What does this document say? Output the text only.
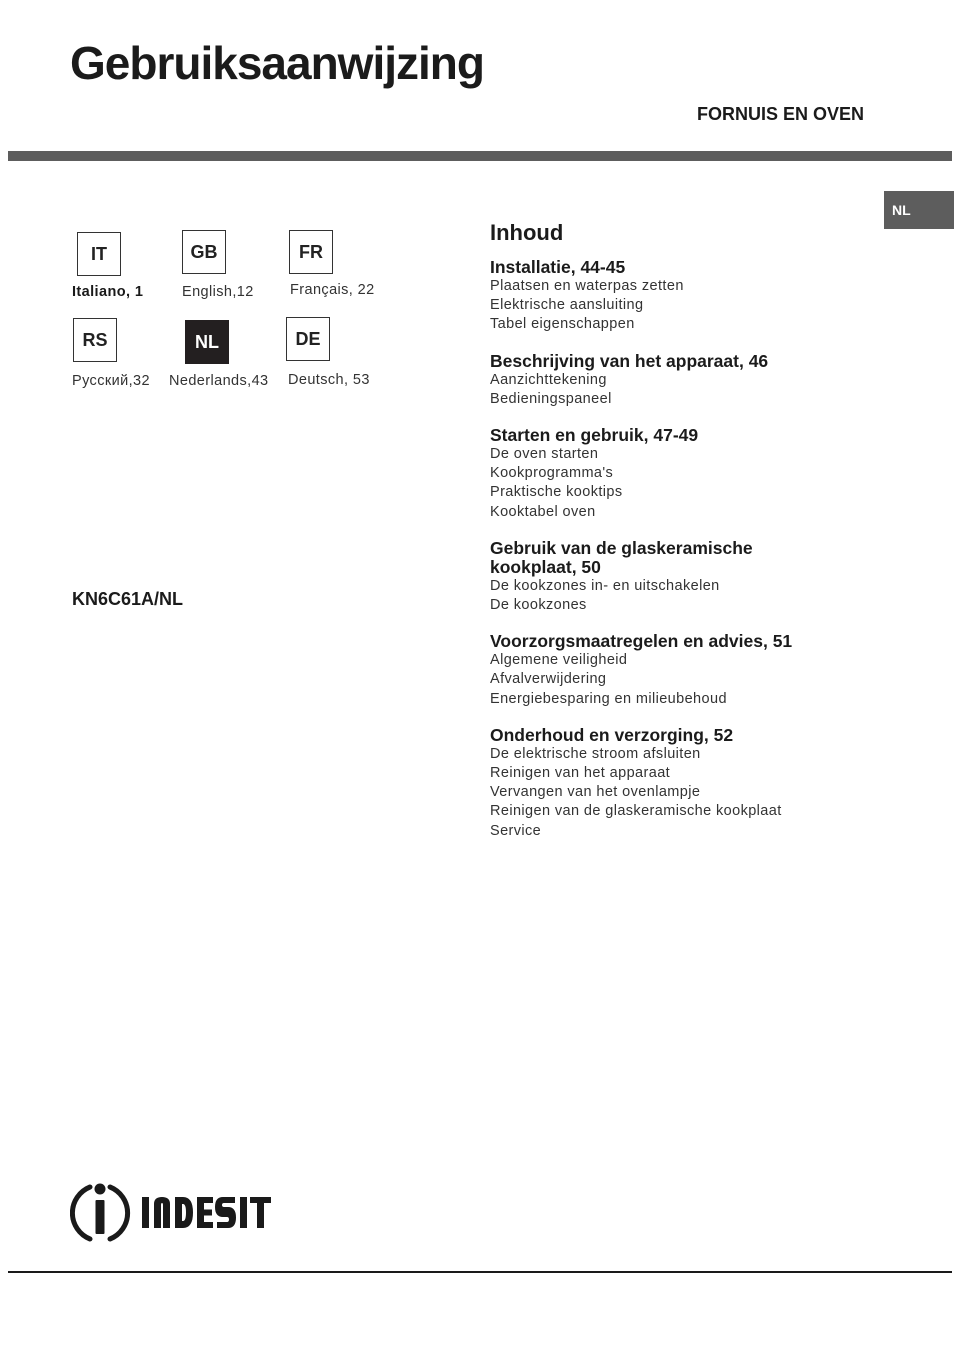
Gebruiksaanwijzing
FORNUIS EN OVEN
NL
IT
Italiano, 1
GB
English,12
FR
Français, 22
RS
Русский,32
NL
Nederlands,43
DE
Deutsch, 53
KN6C61A/NL
Inhoud
Installatie, 44-45
Plaatsen en waterpas zetten
Elektrische aansluiting
Tabel eigenschappen
Beschrijving van het apparaat, 46
Aanzichttekening
Bedieningspaneel
Starten en gebruik, 47-49
De oven starten
Kookprogramma's
Praktische kooktips
Kooktabel oven
Gebruik van de glaskeramische
kookplaat, 50
De kookzones in- en uitschakelen
De kookzones
Voorzorgsmaatregelen en advies, 51
Algemene veiligheid
Afvalverwijdering
Energiebesparing en milieubehoud
Onderhoud en verzorging, 52
De elektrische stroom afsluiten
Reinigen van het apparaat
Vervangen van het ovenlampje
Reinigen van de glaskeramische kookplaat
Service
